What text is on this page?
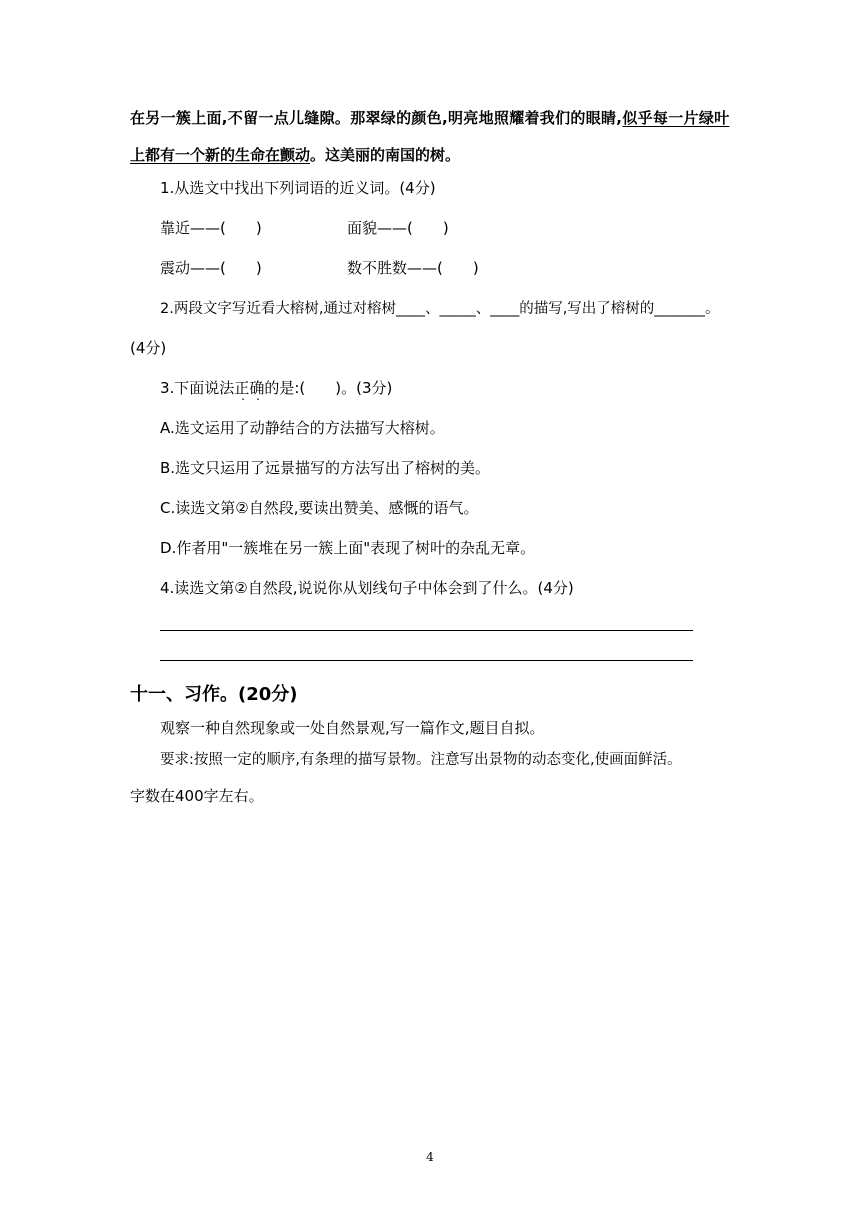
在另一簇上面,不留一点儿缝隙。那翠绿的颜色,明亮地照耀着我们的眼睛,似乎每一片绿叶
上都有一个新的生命在颤动。这美丽的南国的树。
1.从选文中找出下列词语的近义词。(4分)
靠近——(　　)	面貌——(　　)
震动——(　　)	数不胜数——(　　)
2.两段文字写近看大榕树,通过对榕树____、_____、____的描写,写出了榕树的_______。
(4分)
3.下面说法正确的是:(　　)。(3分)
A.选文运用了动静结合的方法描写大榕树。
B.选文只运用了远景描写的方法写出了榕树的美。
C.读选文第②自然段,要读出赞美、感慨的语气。
D.作者用"一簇堆在另一簇上面"表现了树叶的杂乱无章。
4.读选文第②自然段,说说你从划线句子中体会到了什么。(4分)
十一、习作。(20分)
观察一种自然现象或一处自然景观,写一篇作文,题目自拟。
要求:按照一定的顺序,有条理的描写景物。注意写出景物的动态变化,使画面鲜活。
字数在400字左右。
4
